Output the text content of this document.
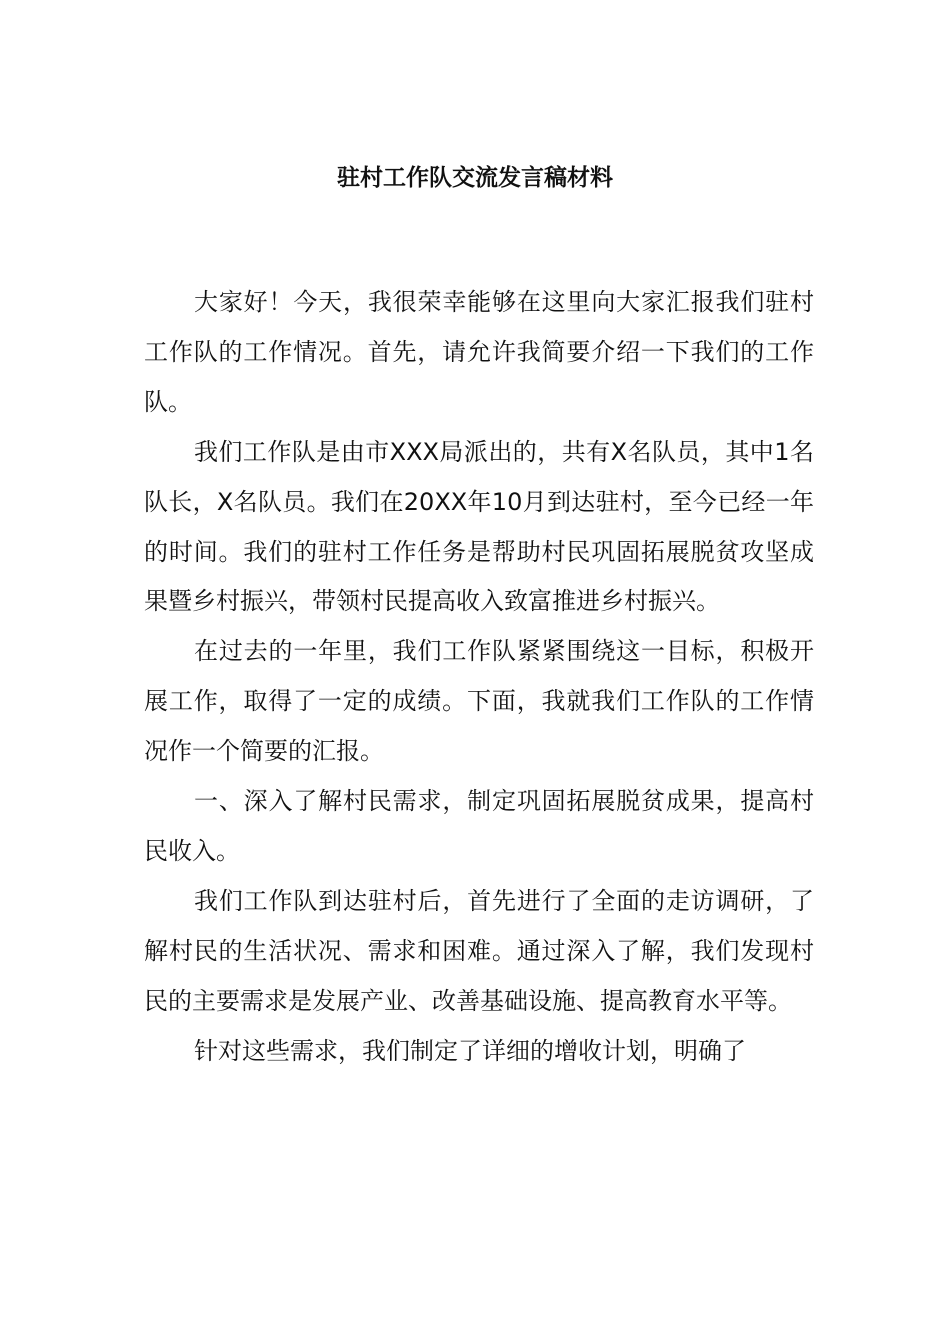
驻村工作队交流发言稿材料

大家好！今天，我很荣幸能够在这里向大家汇报我们驻村工作队的工作情况。首先，请允许我简要介绍一下我们的工作队。

我们工作队是由市XXX局派出的，共有X名队员，其中1名队长，X名队员。我们在20XX年10月到达驻村，至今已经一年的时间。我们的驻村工作任务是帮助村民巩固拓展脱贫攻坚成果暨乡村振兴，带领村民提高收入致富推进乡村振兴。

在过去的一年里，我们工作队紧紧围绕这一目标，积极开展工作，取得了一定的成绩。下面，我就我们工作队的工作情况作一个简要的汇报。

一、深入了解村民需求，制定巩固拓展脱贫成果，提高村民收入。

我们工作队到达驻村后，首先进行了全面的走访调研，了解村民的生活状况、需求和困难。通过深入了解，我们发现村民的主要需求是发展产业、改善基础设施、提高教育水平等。

针对这些需求，我们制定了详细的增收计划，明确了
